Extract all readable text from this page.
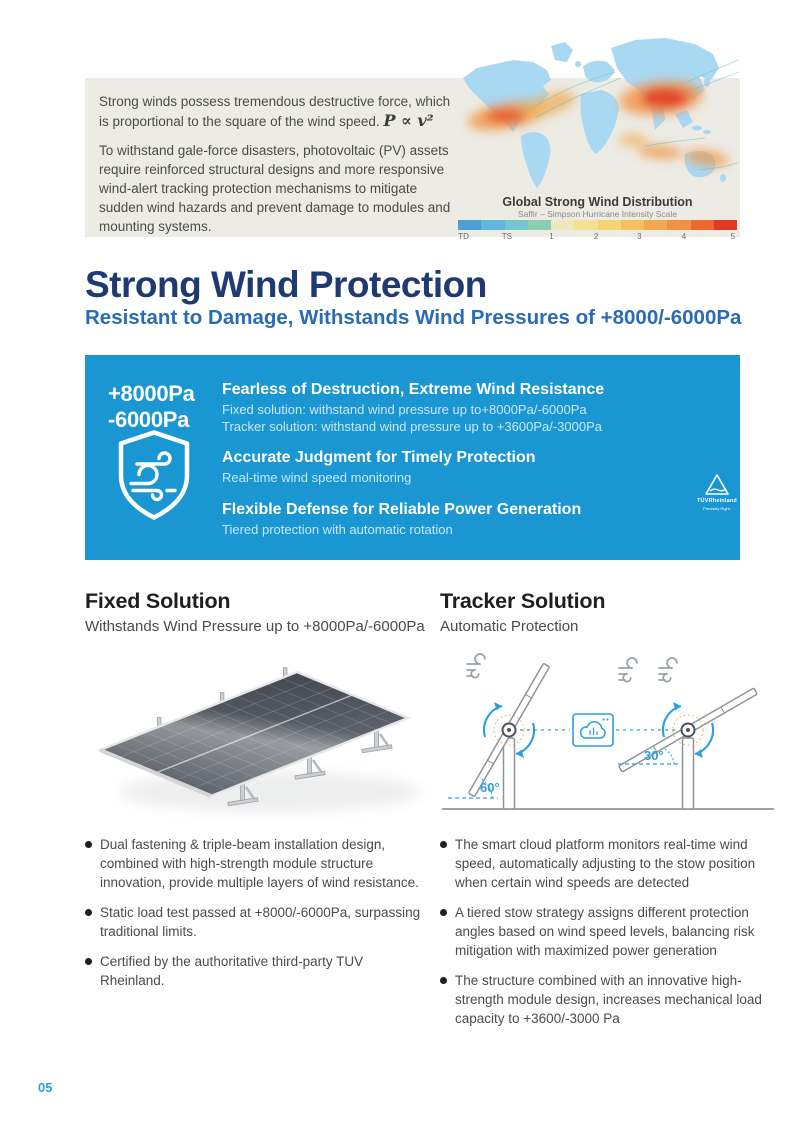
Strong winds possess tremendous destructive force, which is proportional to the square of the wind speed. P ∝ v²

To withstand gale-force disasters, photovoltaic (PV) assets require reinforced structural designs and more responsive wind-alert tracking protection mechanisms to mitigate sudden wind hazards and prevent damage to modules and mounting systems.

Global Strong Wind Distribution
Saffir – Simpson Hurricane Intensity Scale
TD	TS	1	2	3	4	5
Strong Wind Protection
Resistant to Damage, Withstands Wind Pressures of +8000/-6000Pa
+8000Pa
-6000Pa
Fearless of Destruction, Extreme Wind Resistance
Fixed solution: withstand wind pressure up to+8000Pa/-6000Pa
Tracker solution: withstand wind pressure up to +3600Pa/-3000Pa
Accurate Judgment for Timely Protection
Real-time wind speed monitoring
Flexible Defense for Reliable Power Generation
Tiered protection with automatic rotation
TÜVRheinland
Precisely Right.
Fixed Solution

Withstands Wind Pressure up to +8000Pa/-6000Pa

Dual fastening & triple-beam installation design, combined with high-strength module structure innovation, provide multiple layers of wind resistance.
Static load test passed at +8000/-6000Pa, surpassing traditional limits.
Certified by the authoritative third-party TUV Rheinland.
Tracker Solution

Automatic Protection

60°
30°
The smart cloud platform monitors real-time wind speed, automatically adjusting to the stow position when certain wind speeds are detected
A tiered stow strategy assigns different protection angles based on wind speed levels, balancing risk mitigation with maximized power generation
The structure combined with an innovative high-strength module design, increases mechanical load capacity to +3600/-3000 Pa
05
